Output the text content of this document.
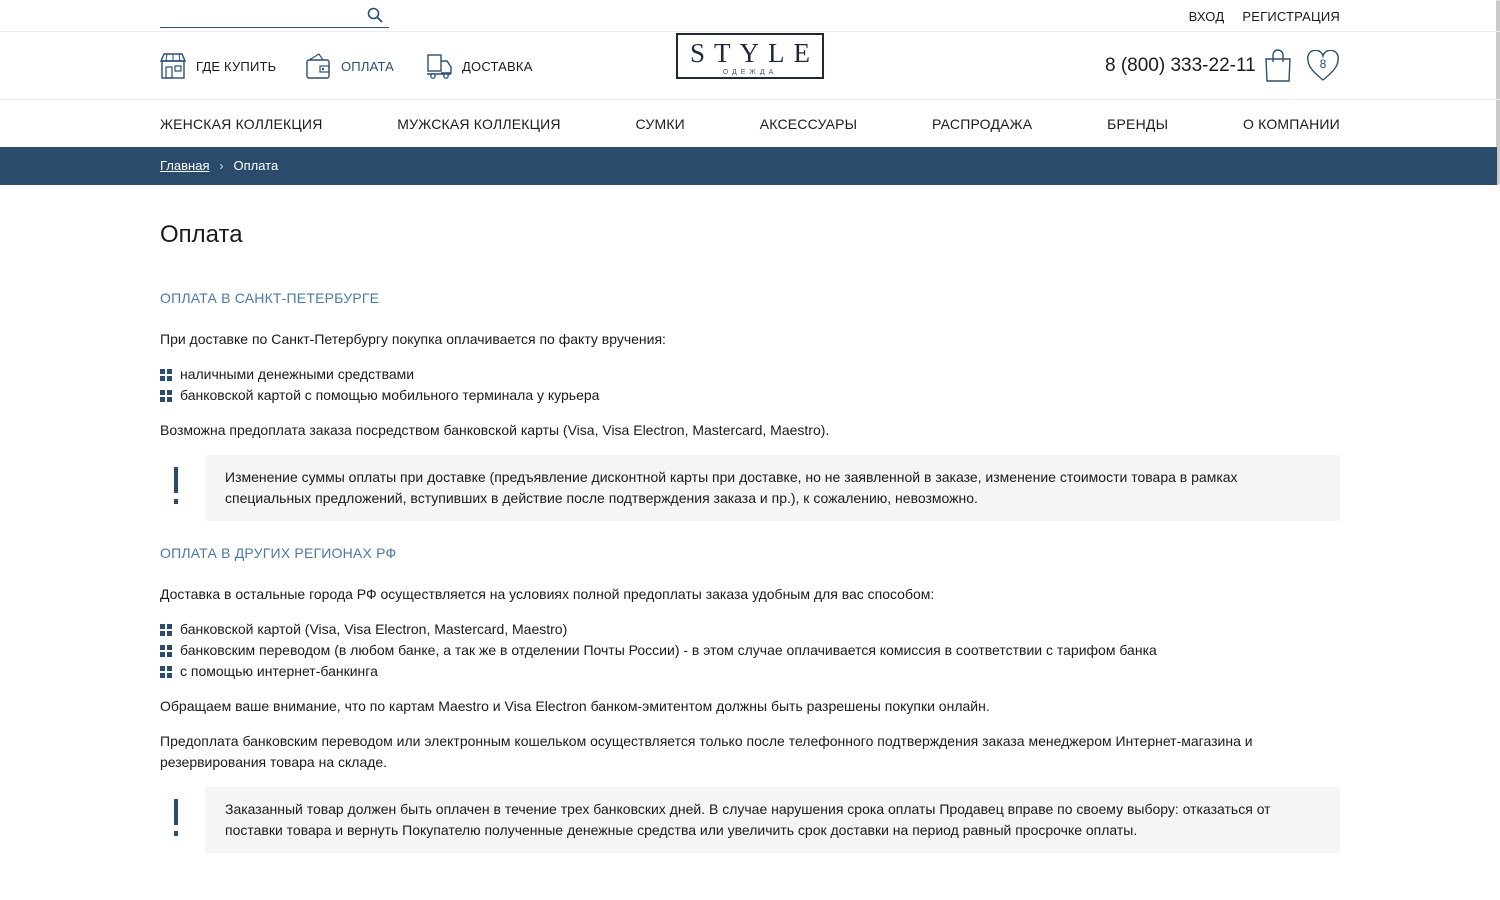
ВХОД РЕГИСТРАЦИЯ
ГДЕ КУПИТЬ	ОПЛАТА	ДОСТАВКА	STYLE
ОДЕЖДА	8 (800) 333-22-11	8
ЖЕНСКАЯ КОЛЛЕКЦИЯ	МУЖСКАЯ КОЛЛЕКЦИЯ	СУМКИ	АКСЕССУАРЫ	РАСПРОДАЖА	БРЕНДЫ	О КОМПАНИИ
Главная › Оплата
Оплата
ОПЛАТА В САНКТ-ПЕТЕРБУРГЕ
При доставке по Санкт-Петербургу покупка оплачивается по факту вручения:
наличными денежными средствами
банковской картой с помощью мобильного терминала у курьера
Возможна предоплата заказа посредством банковской карты (Visa, Visa Electron, Mastercard, Maestro).
Изменение суммы оплаты при доставке (предъявление дисконтной карты при доставке, но не заявленной в заказе, изменение стоимости товара в рамках специальных предложений, вступивших в действие после подтверждения заказа и пр.), к сожалению, невозможно.
ОПЛАТА В ДРУГИХ РЕГИОНАХ РФ
Доставка в остальные города РФ осуществляется на условиях полной предоплаты заказа удобным для вас способом:
банковской картой (Visa, Visa Electron, Mastercard, Maestro)
банковским переводом (в любом банке, а так же в отделении Почты России) - в этом случае оплачивается комиссия в соответствии с тарифом банка
с помощью интернет-банкинга
Обращаем ваше внимание, что по картам Maestro и Visa Electron банком-эмитентом должны быть разрешены покупки онлайн.
Предоплата банковским переводом или электронным кошельком осуществляется только после телефонного подтверждения заказа менеджером Интернет-магазина и резервирования товара на складе.
Заказанный товар должен быть оплачен в течение трех банковских дней. В случае нарушения срока оплаты Продавец вправе по своему выбору: отказаться от поставки товара и вернуть Покупателю полученные денежные средства или увеличить срок доставки на период равный просрочке оплаты.
